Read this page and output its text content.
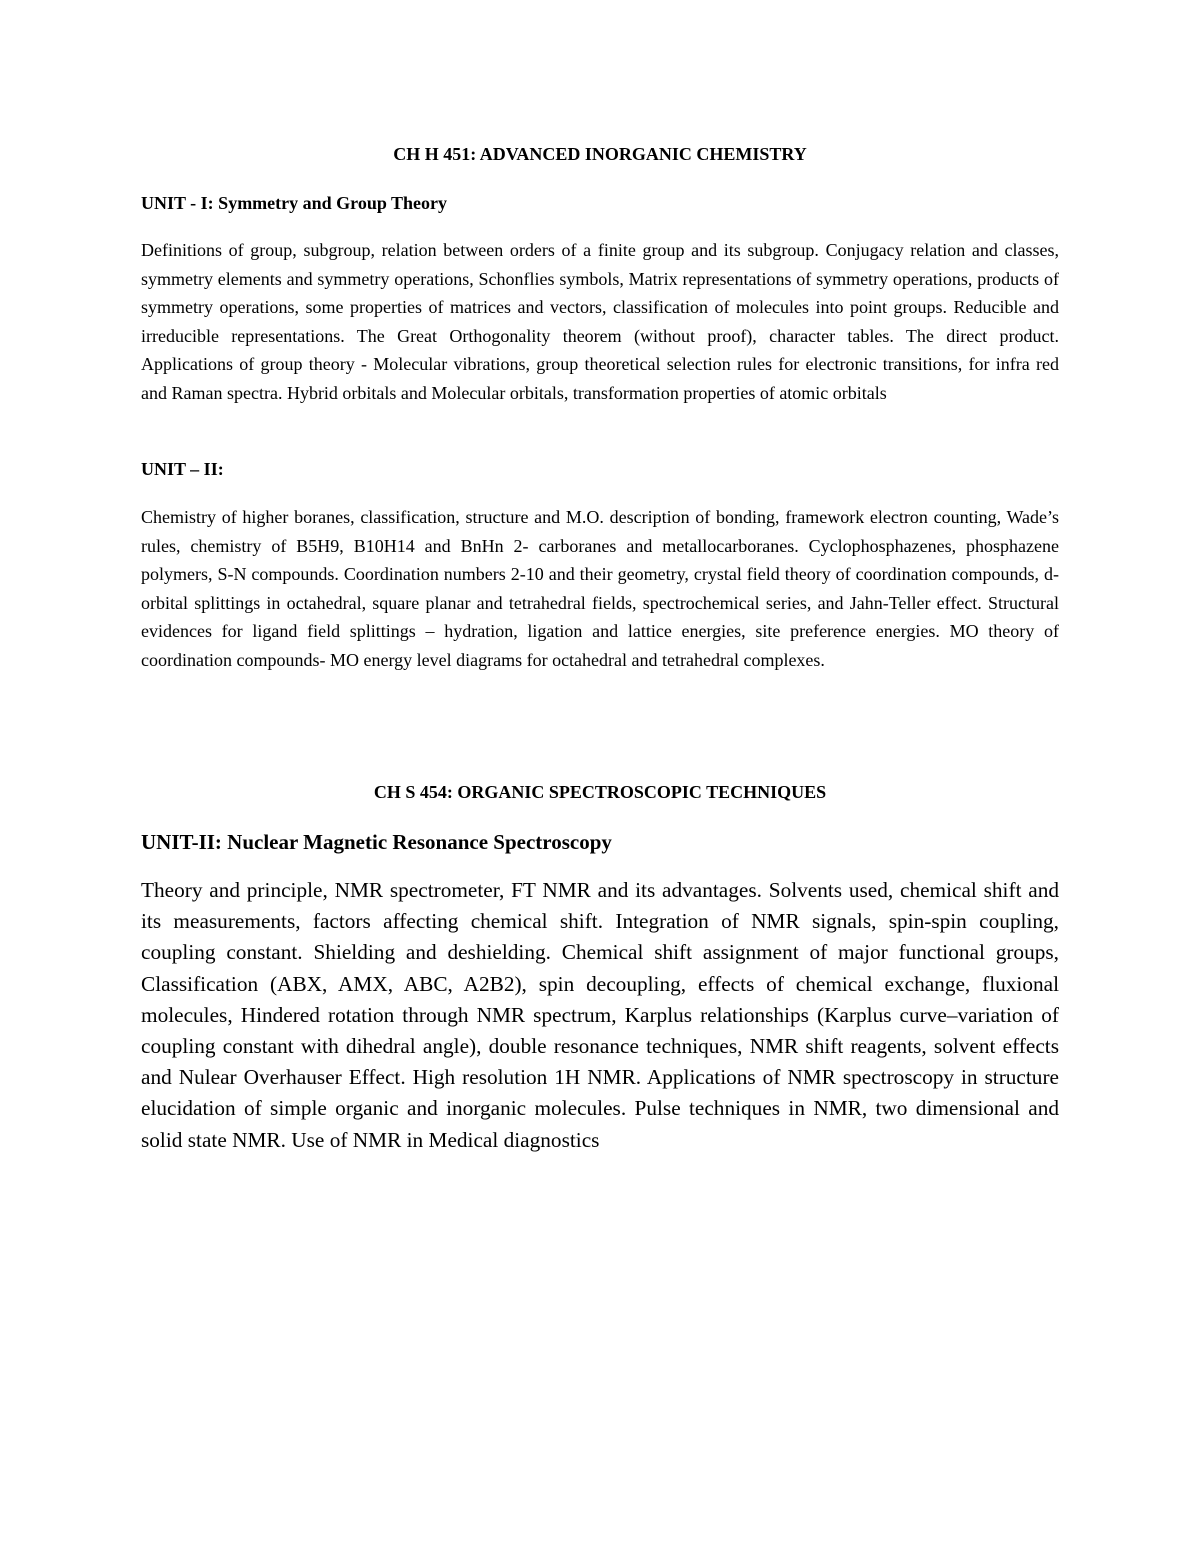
CH H 451: ADVANCED INORGANIC CHEMISTRY
UNIT - I: Symmetry and Group Theory

Definitions of group, subgroup, relation between orders of a finite group and its subgroup. Conjugacy relation and classes, symmetry elements and symmetry operations, Schonflies symbols, Matrix representations of symmetry operations, products of symmetry operations, some properties of matrices and vectors, classification of molecules into point groups. Reducible and irreducible representations. The Great Orthogonality theorem (without proof), character tables. The direct product. Applications of group theory - Molecular vibrations, group theoretical selection rules for electronic transitions, for infra red and Raman spectra. Hybrid orbitals and Molecular orbitals, transformation properties of atomic orbitals

UNIT – II:

Chemistry of higher boranes, classification, structure and M.O. description of bonding, framework electron counting, Wade’s rules, chemistry of B5H9, B10H14 and BnHn 2- carboranes and metallocarboranes. Cyclophosphazenes, phosphazene polymers, S-N compounds. Coordination numbers 2-10 and their geometry, crystal field theory of coordination compounds, d-orbital splittings in octahedral, square planar and tetrahedral fields, spectrochemical series, and Jahn-Teller effect. Structural evidences for ligand field splittings – hydration, ligation and lattice energies, site preference energies. MO theory of coordination compounds- MO energy level diagrams for octahedral and tetrahedral complexes.

CH S 454: ORGANIC SPECTROSCOPIC TECHNIQUES
UNIT-II: Nuclear Magnetic Resonance Spectroscopy

Theory and principle, NMR spectrometer, FT NMR and its advantages. Solvents used, chemical shift and its measurements, factors affecting chemical shift. Integration of NMR signals, spin-spin coupling, coupling constant. Shielding and deshielding. Chemical shift assignment of major functional groups, Classification (ABX, AMX, ABC, A2B2), spin decoupling, effects of chemical exchange, fluxional molecules, Hindered rotation through NMR spectrum, Karplus relationships (Karplus curve–variation of coupling constant with dihedral angle), double resonance techniques, NMR shift reagents, solvent effects and Nulear Overhauser Effect. High resolution 1H NMR. Applications of NMR spectroscopy in structure elucidation of simple organic and inorganic molecules. Pulse techniques in NMR, two dimensional and solid state NMR. Use of NMR in Medical diagnostics
